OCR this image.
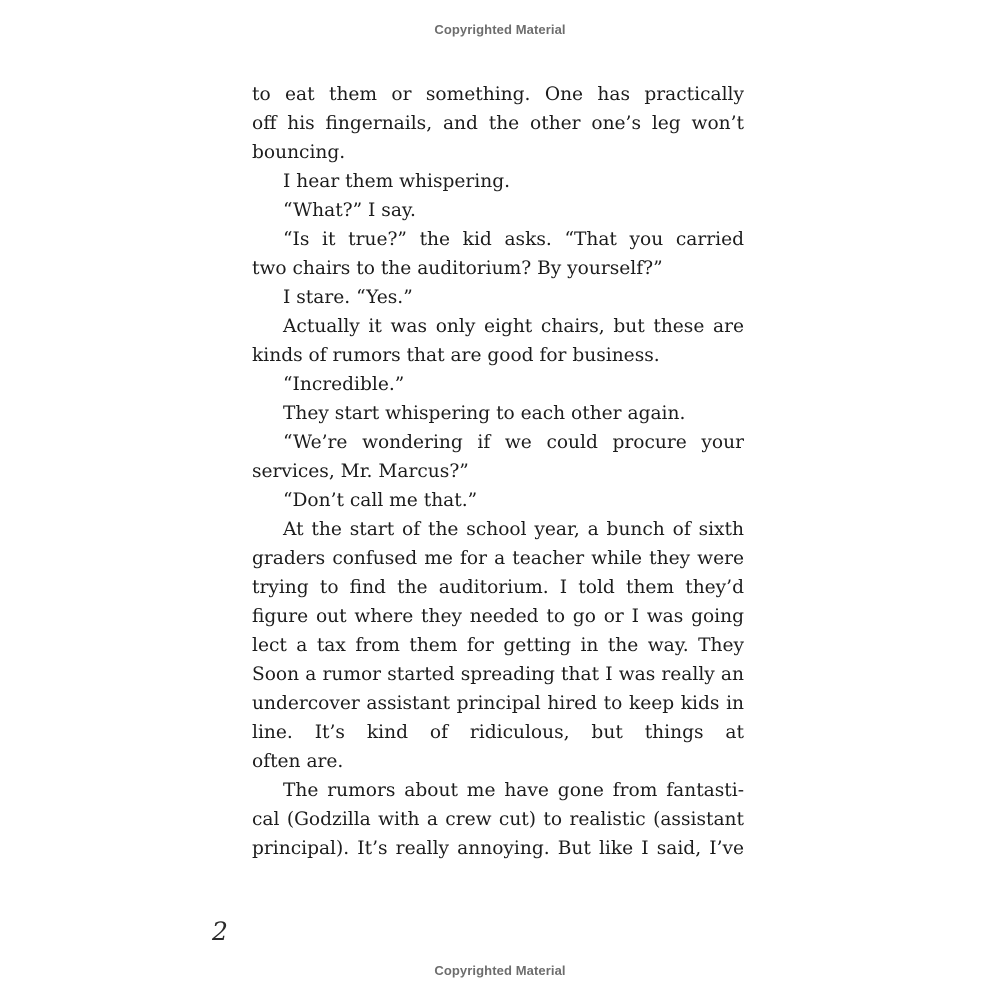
Copyrighted Material
to eat them or something. One has practically
off his fingernails, and the other one’s leg won’t
bouncing.
I hear them whispering.
“What?” I say.
“Is it true?” the kid asks. “That you carried
two chairs to the auditorium? By yourself?”
I stare. “Yes.”
Actually it was only eight chairs, but these are
kinds of rumors that are good for business.
“Incredible.”
They start whispering to each other again.
“We’re wondering if we could procure your
services, Mr. Marcus?”
“Don’t call me that.”
At the start of the school year, a bunch of sixth
graders confused me for a teacher while they were
trying to find the auditorium. I told them they’d
figure out where they needed to go or I was going
lect a tax from them for getting in the way. They
Soon a rumor started spreading that I was really an
undercover assistant principal hired to keep kids in
line. It’s kind of ridiculous, but things at
often are.
The rumors about me have gone from fantasti-
cal (Godzilla with a crew cut) to realistic (assistant
principal). It’s really annoying. But like I said, I’ve
2
Copyrighted Material
